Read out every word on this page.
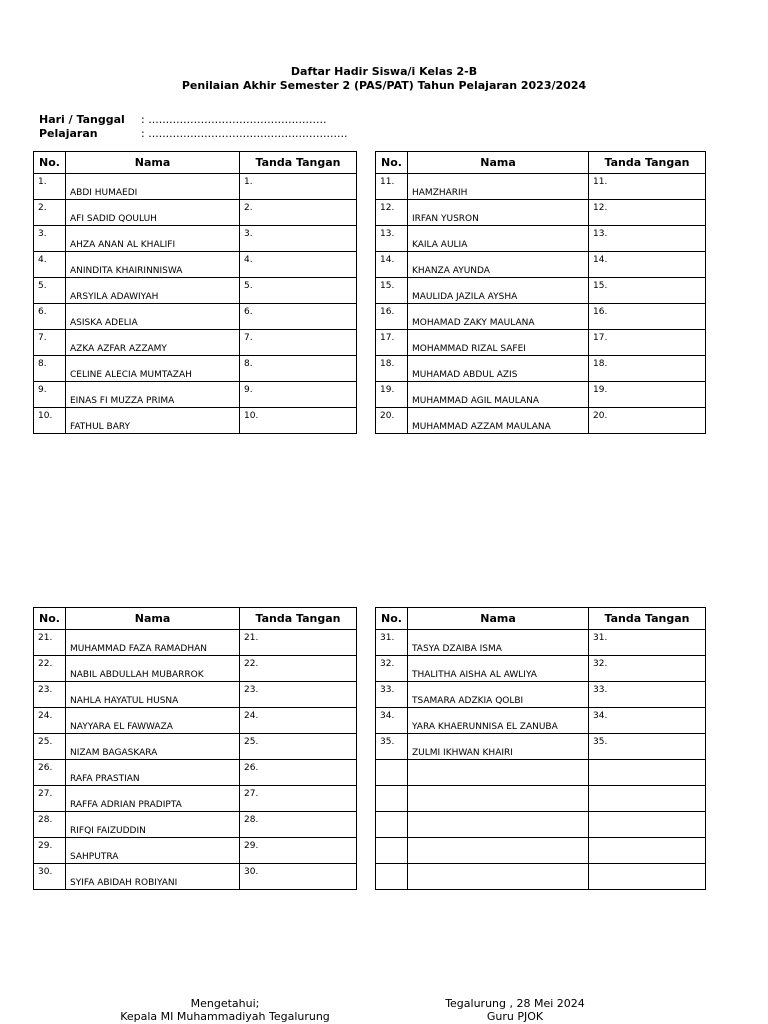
Daftar Hadir Siswa/i Kelas 2-B
Penilaian Akhir Semester 2 (PAS/PAT) Tahun Pelajaran 2023/2024
Hari / Tanggal : ...................................................
Pelajaran	: .........................................................
No.	Nama	Tanda Tangan
1.	ABDI HUMAEDI	1.
2.	AFI SADID QOULUH	2.
3.	AHZA ANAN AL KHALIFI	3.
4.	ANINDITA KHAIRINNISWA	4.
5.	ARSYILA ADAWIYAH	5.
6.	ASISKA ADELIA	6.
7.	AZKA AZFAR AZZAMY	7.
8.	CELINE ALECIA MUMTAZAH	8.
9.	EINAS FI MUZZA PRIMA	9.
10.	FATHUL BARY	10.
No.	Nama	Tanda Tangan
11.	HAMZHARIH	11.
12.	IRFAN YUSRON	12.
13.	KAILA AULIA	13.
14.	KHANZA AYUNDA	14.
15.	MAULIDA JAZILA AYSHA	15.
16.	MOHAMAD ZAKY MAULANA	16.
17.	MOHAMMAD RIZAL SAFEI	17.
18.	MUHAMAD ABDUL AZIS	18.
19.	MUHAMMAD AGIL MAULANA	19.
20.	MUHAMMAD AZZAM MAULANA	20.
No.	Nama	Tanda Tangan
21.	MUHAMMAD FAZA RAMADHAN	21.
22.	NABIL ABDULLAH MUBARROK	22.
23.	NAHLA HAYATUL HUSNA	23.
24.	NAYYARA EL FAWWAZA	24.
25.	NIZAM BAGASKARA	25.
26.	RAFA PRASTIAN	26.
27.	RAFFA ADRIAN PRADIPTA	27.
28.	RIFQI FAIZUDDIN	28.
29.	SAHPUTRA	29.
30.	SYIFA ABIDAH ROBIYANI	30.
No.	Nama	Tanda Tangan
31.	TASYA DZAIBA ISMA	31.
32.	THALITHA AISHA AL AWLIYA	32.
33.	TSAMARA ADZKIA QOLBI	33.
34.	YARA KHAERUNNISA EL ZANUBA	34.
35.	ZULMI IKHWAN KHAIRI	35.

Mengetahui;
Kepala MI Muhammadiyah Tegalurung
Tegalurung , 28 Mei 2024
Guru PJOK
